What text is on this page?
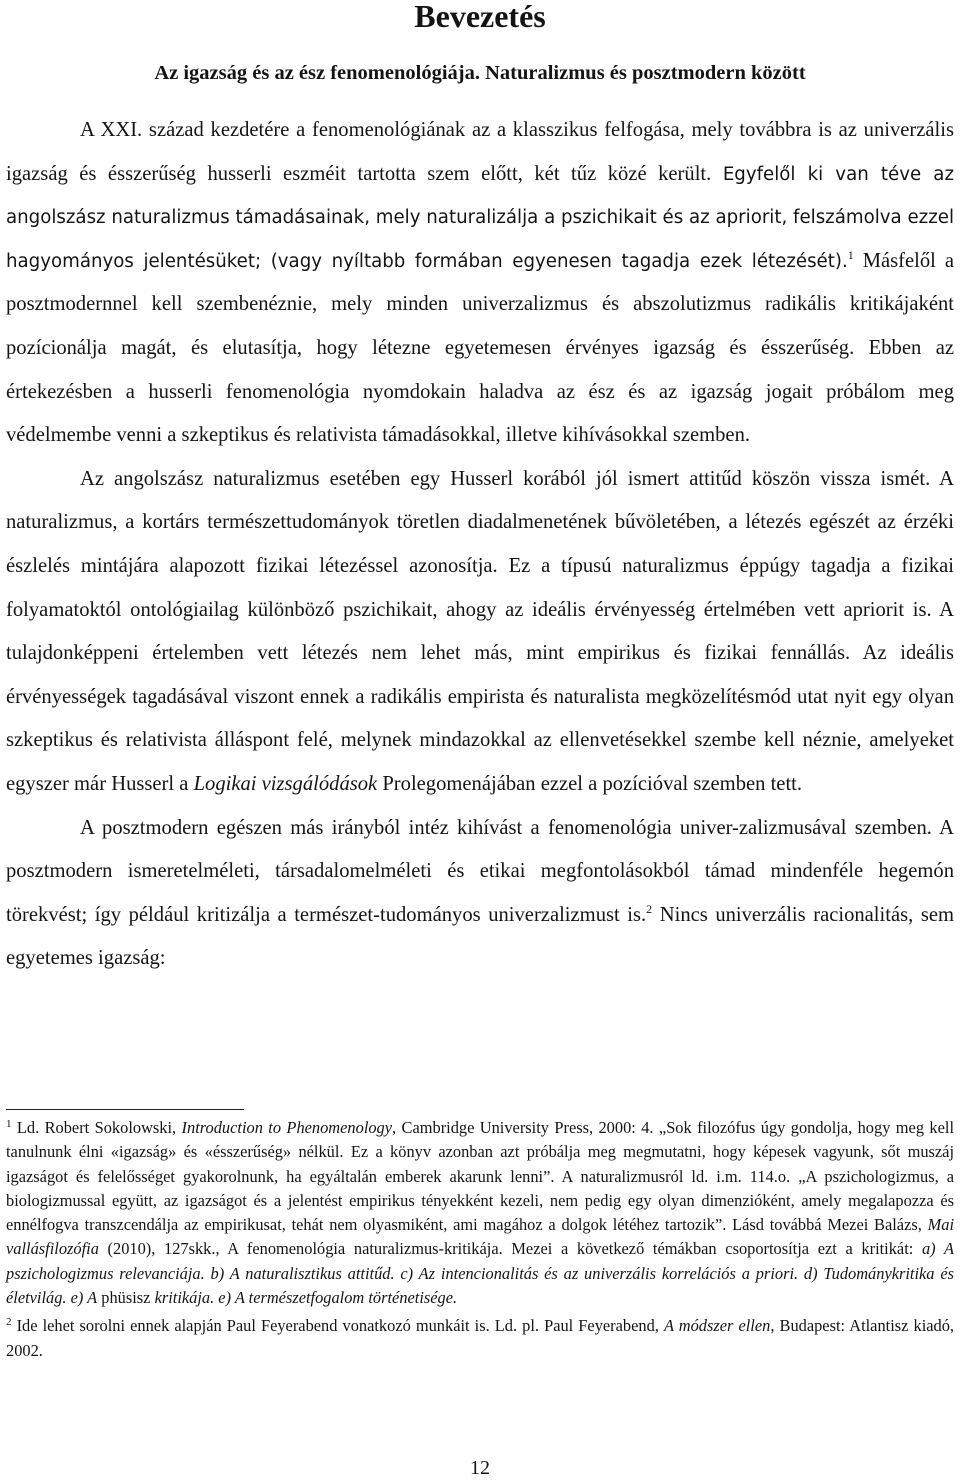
Bevezetés
Az igazság és az ész fenomenológiája. Naturalizmus és posztmodern között

A XXI. század kezdetére a fenomenológiának az a klasszikus felfogása, mely továbbra is az univerzális igazság és ésszerűség husserli eszméit tartotta szem előtt, két tűz közé került. Egyfelől ki van téve az angolszász naturalizmus támadásainak, mely naturalizálja a pszichikait és az apriorit, felszámolva ezzel hagyományos jelentésüket; (vagy nyíltabb formában egyenesen tagadja ezek létezését).$^1$ Másfelől a posztmodernnel kell szembenéznie, mely minden univerzalizmus és abszolutizmus radikális kritikájaként pozícionálja magát, és elutasítja, hogy létezne egyetemesen érvényes igazság és ésszerűség. Ebben az értekezésben a husserli fenomenológia nyomdokain haladva az ész és az igazság jogait próbálom meg védelmembe venni a szkeptikus és relativista támadásokkal, illetve kihívásokkal szemben.

Az angolszász naturalizmus esetében egy Husserl korából jól ismert attitűd köszön vissza ismét. A naturalizmus, a kortárs természettudományok töretlen diadalmenetének bűvöletében, a létezés egészét az érzéki észlelés mintájára alapozott fizikai létezéssel azonosítja. Ez a típusú naturalizmus éppúgy tagadja a fizikai folyamatoktól ontológiailag különböző pszichikait, ahogy az ideális érvényesség értelmében vett apriorit is. A tulajdonképpeni értelemben vett létezés nem lehet más, mint empirikus és fizikai fennállás. Az ideális érvényességek tagadásával viszont ennek a radikális empirista és naturalista megközelítésmód utat nyit egy olyan szkeptikus és relativista álláspont felé, melynek mindazokkal az ellenvetésekkel szembe kell néznie, amelyeket egyszer már Husserl a Logikai vizsgálódások Prolegomenájában ezzel a pozícióval szemben tett.

A posztmodern egészen más irányból intéz kihívást a fenomenológia univer-zalizmusával szemben. A posztmodern ismeretelméleti, társadalomelméleti és etikai megfontolásokból támad mindenféle hegemón törekvést; így például kritizálja a természet-tudományos univerzalizmust is.$^2$ Nincs univerzális racionalitás, sem egyetemes igazság:

$^1$ Ld. Robert Sokolowski, Introduction to Phenomenology, Cambridge University Press, 2000: 4. „Sok filozófus úgy gondolja, hogy meg kell tanulnunk élni «igazság» és «ésszerűség» nélkül. Ez a könyv azonban azt próbálja meg megmutatni, hogy képesek vagyunk, sőt muszáj igazságot és felelősséget gyakorolnunk, ha egyáltalán emberek akarunk lenni”. A naturalizmusról ld. i.m. 114.o. „A pszichologizmus, a biologizmussal együtt, az igazságot és a jelentést empirikus tényekként kezeli, nem pedig egy olyan dimenzióként, amely megalapozza és ennélfogva transzcendálja az empirikusat, tehát nem olyasmiként, ami magához a dolgok létéhez tartozik”. Lásd továbbá Mezei Balázs, Mai vallásfilozófia (2010), 127skk., A fenomenológia naturalizmus-kritikája. Mezei a következő témákban csoportosítja ezt a kritikát: a) A pszichologizmus relevanciája. b) A naturalisztikus attitűd. c) Az intencionalitás és az univerzális korrelációs a priori. d) Tudománykritika és életvilág. e) A phüsisz kritikája. e) A természetfogalom történetisége.

$^2$ Ide lehet sorolni ennek alapján Paul Feyerabend vonatkozó munkáit is. Ld. pl. Paul Feyerabend, A módszer ellen, Budapest: Atlantisz kiadó, 2002.

12
